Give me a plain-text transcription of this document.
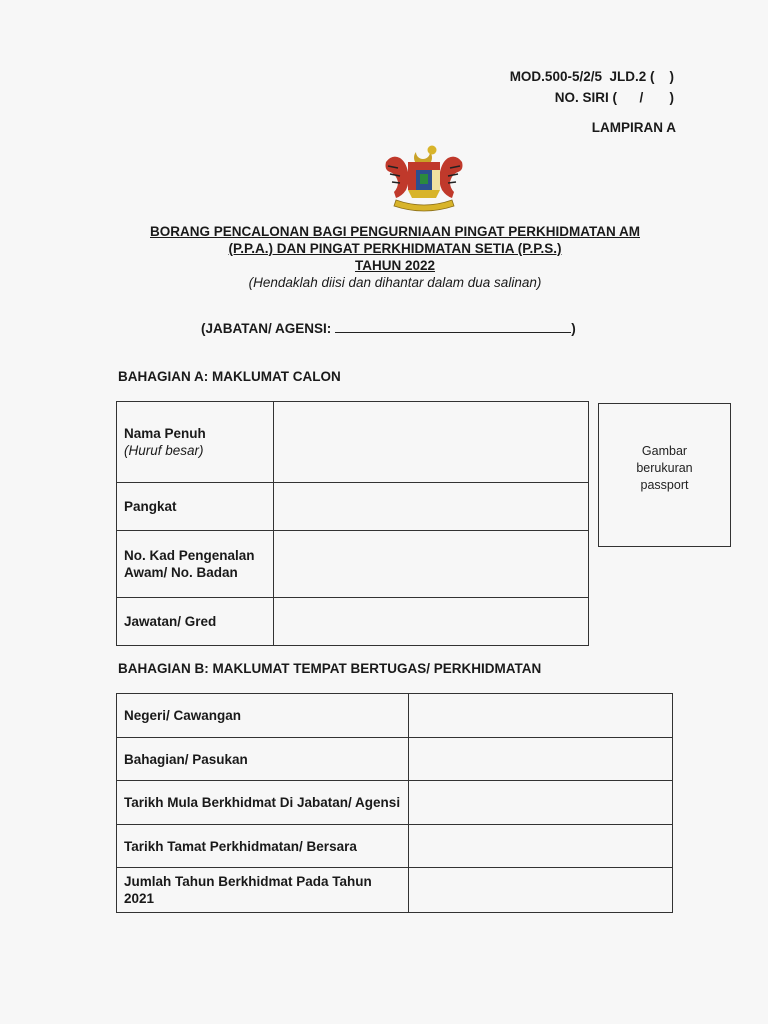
MOD.500-5/2/5  JLD.2 (    )
NO. SIRI (      /       )
LAMPIRAN A
BORANG PENCALONAN BAGI PENGURNIAAN PINGAT PERKHIDMATAN AM
(P.P.A.) DAN PINGAT PERKHIDMATAN SETIA (P.P.S.)
TAHUN 2022
(Hendaklah diisi dan dihantar dalam dua salinan)
(JABATAN/ AGENSI:	)
BAHAGIAN A: MAKLUMAT CALON
Nama Penuh
(Huruf besar)	

Pangkat	
No. Kad Pengenalan Awam/ No. Badan	
Jawatan/ Gred	
Gambar
berukuran
passport
BAHAGIAN B: MAKLUMAT TEMPAT BERTUGAS/ PERKHIDMATAN
Negeri/ Cawangan	
Bahagian/ Pasukan	
Tarikh Mula Berkhidmat Di Jabatan/ Agensi	
Tarikh Tamat Perkhidmatan/ Bersara	
Jumlah Tahun Berkhidmat Pada Tahun 2021	
